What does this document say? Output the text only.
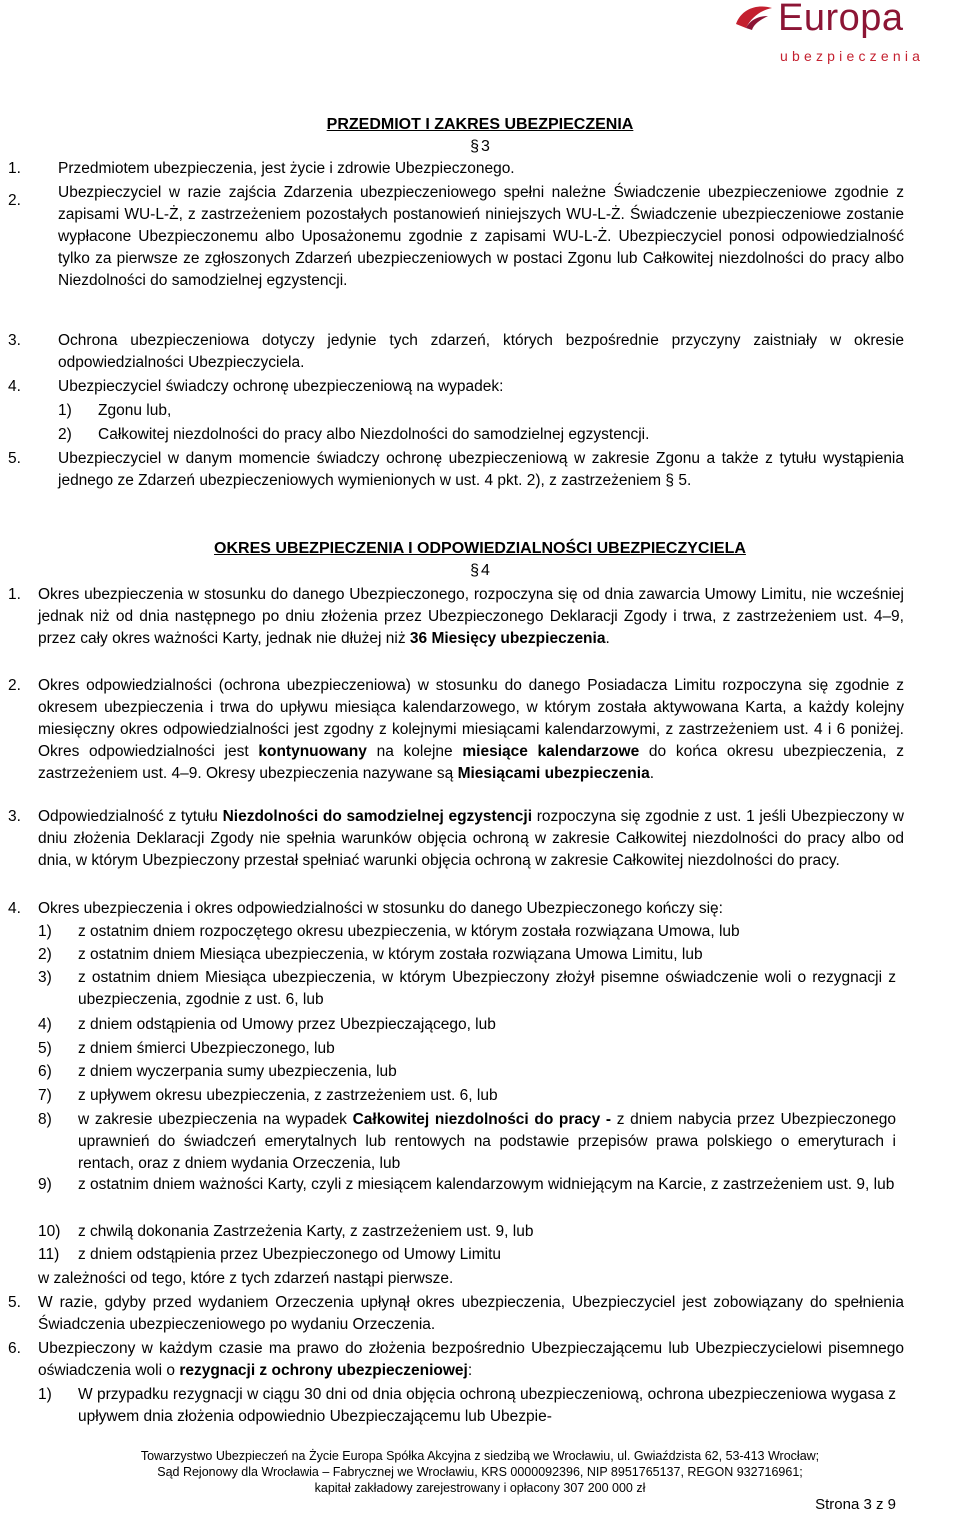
Europa
ubezpieczenia
PRZEDMIOT I ZAKRES UBEZPIECZENIA
§ 3
1.	Przedmiotem ubezpieczenia, jest życie i zdrowie Ubezpieczonego.
2.	Ubezpieczyciel w razie zajścia Zdarzenia ubezpieczeniowego spełni należne Świadczenie ubezpieczeniowe zgodnie z zapisami WU-L-Ż, z zastrzeżeniem pozostałych postanowień niniejszych WU-L-Ż. Świadczenie ubezpieczeniowe zostanie wypłacone Ubezpieczonemu albo Uposażonemu zgodnie z zapisami WU-L-Ż. Ubezpieczyciel ponosi odpowiedzialność tylko za pierwsze ze zgłoszonych Zdarzeń ubezpieczeniowych w postaci Zgonu lub Całkowitej niezdolności do pracy albo Niezdolności do samodzielnej egzystencji.
3.	Ochrona ubezpieczeniowa dotyczy jedynie tych zdarzeń, których bezpośrednie przyczyny zaistniały w okresie odpowiedzialności Ubezpieczyciela.
4.	Ubezpieczyciel świadczy ochronę ubezpieczeniową na wypadek:
1)	Zgonu lub,
2)	Całkowitej niezdolności do pracy albo Niezdolności do samodzielnej egzystencji.
5.	Ubezpieczyciel w danym momencie świadczy ochronę ubezpieczeniową w zakresie Zgonu a także z tytułu wystąpienia jednego ze Zdarzeń ubezpieczeniowych wymienionych w ust. 4 pkt. 2), z zastrzeżeniem § 5.
OKRES UBEZPIECZENIA I ODPOWIEDZIALNOŚCI UBEZPIECZYCIELA
§ 4
1.	Okres ubezpieczenia w stosunku do danego Ubezpieczonego, rozpoczyna się od dnia zawarcia Umowy Limitu, nie wcześniej jednak niż od dnia następnego po dniu złożenia przez Ubezpieczonego Deklaracji Zgody i trwa, z zastrzeżeniem ust. 4–9, przez cały okres ważności Karty, jednak nie dłużej niż 36 Miesięcy ubezpieczenia.
2.	Okres odpowiedzialności (ochrona ubezpieczeniowa) w stosunku do danego Posiadacza Limitu rozpoczyna się zgodnie z okresem ubezpieczenia i trwa do upływu miesiąca kalendarzowego, w którym została aktywowana Karta, a każdy kolejny miesięczny okres odpowiedzialności jest zgodny z kolejnymi miesiącami kalendarzowymi, z zastrzeżeniem ust. 4 i 6 poniżej. Okres odpowiedzialności jest kontynuowany na kolejne miesiące kalendarzowe do końca okresu ubezpieczenia, z zastrzeżeniem ust. 4–9. Okresy ubezpieczenia nazywane są Miesiącami ubezpieczenia.
3.	Odpowiedzialność z tytułu Niezdolności do samodzielnej egzystencji rozpoczyna się zgodnie z ust. 1 jeśli Ubezpieczony w dniu złożenia Deklaracji Zgody nie spełnia warunków objęcia ochroną w zakresie Całkowitej niezdolności do pracy albo od dnia, w którym Ubezpieczony przestał spełniać warunki objęcia ochroną w zakresie Całkowitej niezdolności do pracy.
4.	Okres ubezpieczenia i okres odpowiedzialności w stosunku do danego Ubezpieczonego kończy się:
1)	z ostatnim dniem rozpoczętego okresu ubezpieczenia, w którym została rozwiązana Umowa, lub
2)	z ostatnim dniem Miesiąca ubezpieczenia, w którym została rozwiązana Umowa Limitu, lub
3)	z ostatnim dniem Miesiąca ubezpieczenia, w którym Ubezpieczony złożył pisemne oświadczenie woli o rezygnacji z ubezpieczenia, zgodnie z ust. 6, lub
4)	z dniem odstąpienia od Umowy przez Ubezpieczającego, lub
5)	z dniem śmierci Ubezpieczonego, lub
6)	z dniem wyczerpania sumy ubezpieczenia, lub
7)	z upływem okresu ubezpieczenia, z zastrzeżeniem ust. 6, lub
8)	w zakresie ubezpieczenia na wypadek Całkowitej niezdolności do pracy - z dniem nabycia przez Ubezpieczonego uprawnień do świadczeń emerytalnych lub rentowych na podstawie przepisów prawa polskiego o emeryturach i rentach, oraz z dniem wydania Orzeczenia, lub
9)	z ostatnim dniem ważności Karty, czyli z miesiącem kalendarzowym widniejącym na Karcie, z zastrzeżeniem ust. 9, lub
10)	z chwilą dokonania Zastrzeżenia Karty, z zastrzeżeniem ust. 9, lub
11)	z dniem odstąpienia przez Ubezpieczonego od Umowy Limitu
w zależności od tego, które z tych zdarzeń nastąpi pierwsze.
5.	W razie, gdyby przed wydaniem Orzeczenia upłynął okres ubezpieczenia, Ubezpieczyciel jest zobowiązany do spełnienia Świadczenia ubezpieczeniowego po wydaniu Orzeczenia.
6.	Ubezpieczony w każdym czasie ma prawo do złożenia bezpośrednio Ubezpieczającemu lub Ubezpieczycielowi pisemnego oświadczenia woli o rezygnacji z ochrony ubezpieczeniowej:
1)	W przypadku rezygnacji w ciągu 30 dni od dnia objęcia ochroną ubezpieczeniową, ochrona ubezpieczeniowa wygasa z upływem dnia złożenia odpowiednio Ubezpieczającemu lub Ubezpie-
Towarzystwo Ubezpieczeń na Życie Europa Spółka Akcyjna z siedzibą we Wrocławiu, ul. Gwiaździsta 62, 53-413 Wrocław;
Sąd Rejonowy dla Wrocławia – Fabrycznej we Wrocławiu, KRS 0000092396, NIP 8951765137, REGON 932716961;
kapitał zakładowy zarejestrowany i opłacony 307 200 000 zł
Strona 3 z 9
